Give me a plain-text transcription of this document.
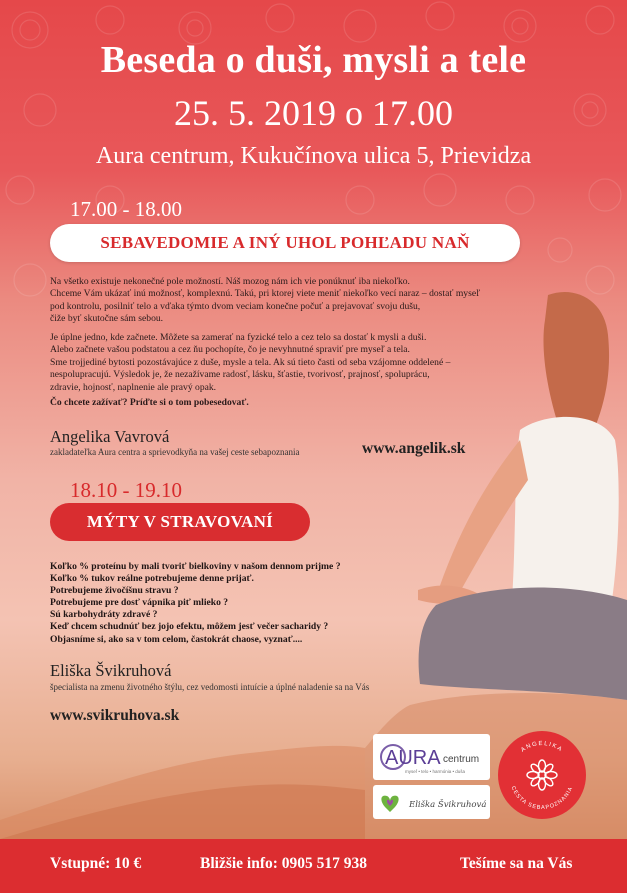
Beseda o duši, mysli a tele
25. 5. 2019 o 17.00
Aura centrum, Kukučínova ulica 5, Prievidza
17.00 - 18.00
SEBAVEDOMIE A INÝ UHOL POHĽADU NAŇ
Na všetko existuje nekonečné pole možností. Náš mozog nám ich vie ponúknuť iba niekoľko.
Chceme Vám ukázať inú možnosť, komplexnú. Takú, pri ktorej viete meniť niekoľko vecí naraz – dostať myseľ
pod kontrolu, posilniť telo a vďaka týmto dvom veciam konečne počuť a prejavovať svoju dušu,
čiže byť skutočne sám sebou.
Je úplne jedno, kde začnete. Môžete sa zamerať na fyzické telo a cez telo sa dostať k mysli a duši.
Alebo začnete vašou podstatou a cez ňu pochopíte, čo je nevyhnutné spraviť pre myseľ a tela.
Sme trojjediné bytosti pozostávajúce z duše, mysle a tela. Ak sú tieto časti od seba vzájomne oddelené –
nespolupracujú. Výsledok je, že nezažívame radosť, lásku, šťastie, tvorivosť, prajnosť, spoluprácu,
zdravie, hojnosť, naplnenie ale pravý opak.
Čo chcete zažívať? Príďte si o tom pobesedovať.
Angelika Vavrová
zakladateľka Aura centra a sprievodkyňa na vašej ceste sebapoznania	www.angelik.sk
18.10 - 19.10
MÝTY V STRAVOVANÍ
Koľko % proteínu by mali tvoriť bielkoviny v našom dennom prijme ?
Koľko % tukov reálne potrebujeme denne prijať.
Potrebujeme živočíšnu stravu ?
Potrebujeme pre dosť vápnika piť mlieko ?
Sú karbohydráty zdravé ?
Keď chcem schudnúť bez jojo efektu, môžem jesť večer sacharidy ?
Objasníme si, ako sa v tom celom, častokrát chaose, vyznať....
Eliška Švikruhová
špecialista na zmenu životného štýlu, cez vedomosti intuície a úplné naladenie sa na Vás
www.svikruhova.sk
AURA centrum
myseľ • telo • harmónia • duša
Eliška Švikruhová
ANGELIKA
CESTA SEBAPOZNANIA
Vstupné: 10 €	Bližšie info: 0905 517 938	Tešíme sa na Vás
